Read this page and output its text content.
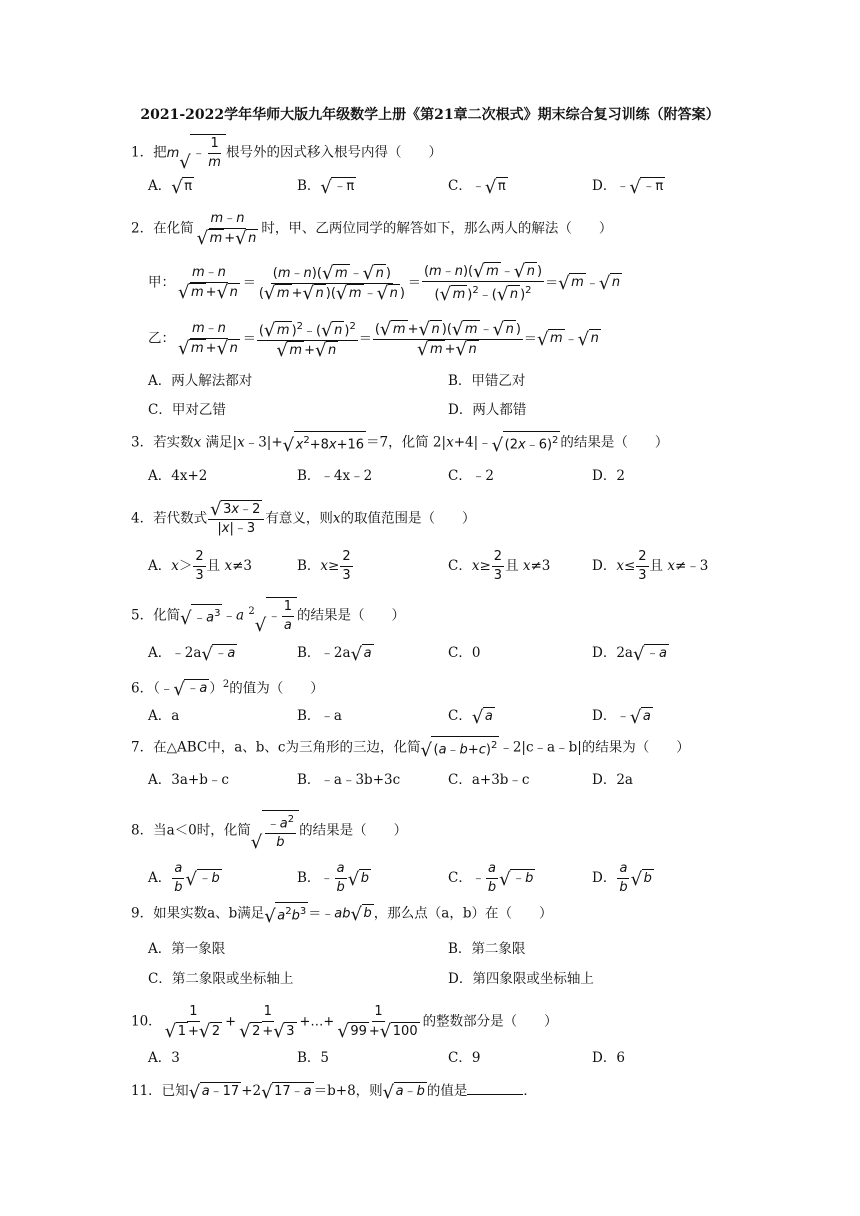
2021-2022学年华师大版九年级数学上册《第21章二次根式》期末综合复习训练（附答案）
1．把m √ ﹣ $\frac{1}{m}$ 根号外的因式移入根号内得（　　）
A． √ π	B． √ ﹣π	C．﹣ √ π	D．﹣ √ ﹣π
2．在化简 m﹣n
√ m + √ n 时，甲、乙两位同学的解答如下，那么两人的解法（　　）
甲： m﹣n
√ m + √ $n = \frac{(m﹣n)( √ m ﹣ √ n )}{( √ m + √ n )( √ m ﹣ √ n )} = \frac{(m﹣n)( √ m ﹣ √ n )}{( √ m )^2﹣( √ n )^2}$ ＝ √ m ﹣ √ n
乙： m﹣n
√ m + √ n ＝ ( √ m )$^2$﹣( √ n )$^2$
√ m + √ n ＝ ( √ m + √ n )( √ m ﹣ √ n )
√ m + √ n ＝ √ m ﹣ √ n
A．两人解法都对	B．甲错乙对
C．甲对乙错	D．两人都错
3．若实数x 满足|x﹣3|+ √ $x^2+8x+16 =7$，化简 2|x+4|﹣ √ (2x﹣6)$^2$ 的结果是（　　）
A．4x+2	B．﹣4x﹣2	C．﹣2	D．2
4．若代数式 √ $\frac{3x﹣2}{|x|﹣3}$ 有意义，则x的取值范围是（　　）
A．$x> \frac{2}{3}$ 且 x≠3	B．$x\ge \frac{2}{3}$	C．$x\ge \frac{2}{3}$ 且 x≠3	D．$x\le \frac{2}{3}$ 且 x≠﹣3
5．化简 √ $﹣a^3$ ﹣a $^2$ √ ﹣ $\frac{1}{a}$ 的结果是（　　）
A．﹣2a √ ﹣a	B．﹣2a √ a	C．0	D．2a √ ﹣a
6．（﹣ √ ﹣a ）$^2$的值为（　　）
A．a	B．﹣a	C． √ a	D．﹣ √ a
7．在△ABC中，a、b、c为三角形的三边，化简 √ (a﹣b+c)$^2$ ﹣2|c﹣a﹣b|的结果为（　　）
A．3a+b﹣c	B．﹣a﹣3b+3c	C．a+3b﹣c	D．2a
8．当a＜0时，化简 √ $\frac{﹣a^2}{b}$ 的结果是（　　）
A． $\frac{a}{b}$ √ ﹣b	B．﹣ $\frac{a}{b}$ √ b	C．﹣ $\frac{a}{b}$ √ ﹣b	D． $\frac{a}{b}$ √ b
9．如果实数a、b满足 √ $a^2b^3$ ＝﹣ab √ b ，那么点（a，b）在（　　）
A．第一象限	B．第二象限
C．第二象限或坐标轴上	D．第四象限或坐标轴上
10． 1
√ 1 + √ 2 + 1
√ 2 + √ 3 +…+ 1
√ 99 + √ 100 的整数部分是（　　）
A．3	B．5	C．9	D．6
11．已知 √ a﹣17 +2 √ 17﹣a ＝b+8，则 √ a﹣b 的值是	．
